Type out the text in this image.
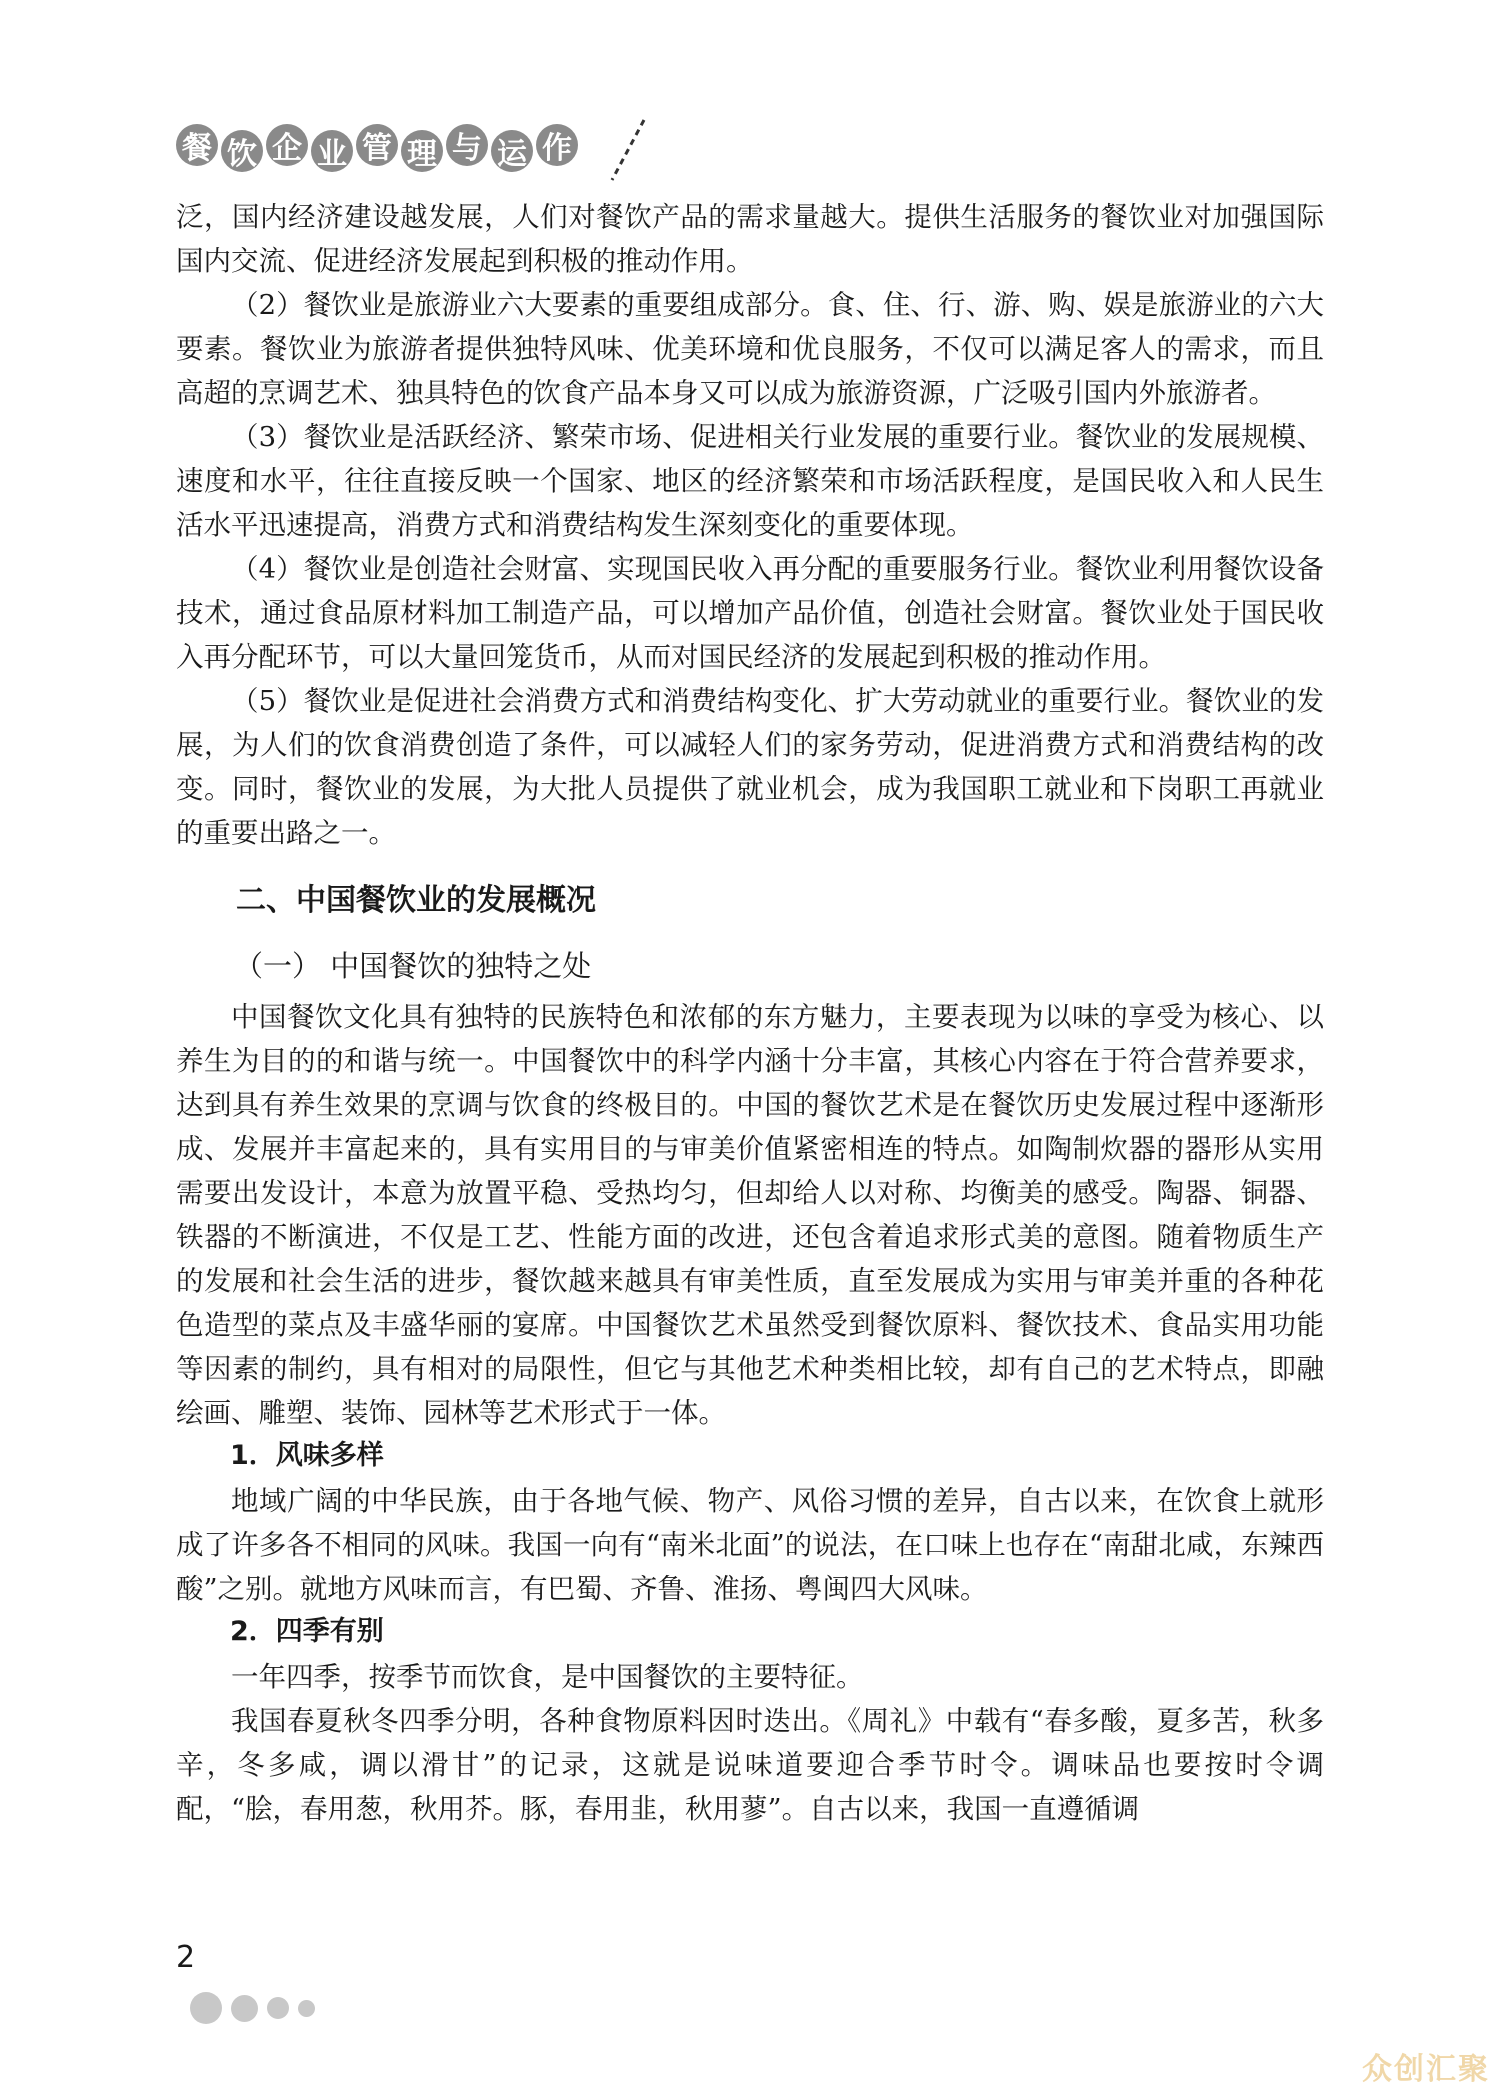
餐 饮 企 业 管 理 与 运 作

泛，国内经济建设越发展，人们对餐饮产品的需求量越大。提供生活服务的餐饮业对加强国际国内交流、促进经济发展起到积极的推动作用。

（2）餐饮业是旅游业六大要素的重要组成部分。食、住、行、游、购、娱是旅游业的六大要素。餐饮业为旅游者提供独特风味、优美环境和优良服务，不仅可以满足客人的需求，而且高超的烹调艺术、独具特色的饮食产品本身又可以成为旅游资源，广泛吸引国内外旅游者。

（3）餐饮业是活跃经济、繁荣市场、促进相关行业发展的重要行业。餐饮业的发展规模、速度和水平，往往直接反映一个国家、地区的经济繁荣和市场活跃程度，是国民收入和人民生活水平迅速提高，消费方式和消费结构发生深刻变化的重要体现。

（4）餐饮业是创造社会财富、实现国民收入再分配的重要服务行业。餐饮业利用餐饮设备技术，通过食品原材料加工制造产品，可以增加产品价值，创造社会财富。餐饮业处于国民收入再分配环节，可以大量回笼货币，从而对国民经济的发展起到积极的推动作用。

（5）餐饮业是促进社会消费方式和消费结构变化、扩大劳动就业的重要行业。餐饮业的发展，为人们的饮食消费创造了条件，可以减轻人们的家务劳动，促进消费方式和消费结构的改变。同时，餐饮业的发展，为大批人员提供了就业机会，成为我国职工就业和下岗职工再就业的重要出路之一。

二、中国餐饮业的发展概况
（一） 中国餐饮的独特之处

中国餐饮文化具有独特的民族特色和浓郁的东方魅力，主要表现为以味的享受为核心、以养生为目的的和谐与统一。中国餐饮中的科学内涵十分丰富，其核心内容在于符合营养要求，达到具有养生效果的烹调与饮食的终极目的。中国的餐饮艺术是在餐饮历史发展过程中逐渐形成、发展并丰富起来的，具有实用目的与审美价值紧密相连的特点。如陶制炊器的器形从实用需要出发设计，本意为放置平稳、受热均匀，但却给人以对称、均衡美的感受。陶器、铜器、铁器的不断演进，不仅是工艺、性能方面的改进，还包含着追求形式美的意图。随着物质生产的发展和社会生活的进步，餐饮越来越具有审美性质，直至发展成为实用与审美并重的各种花色造型的菜点及丰盛华丽的宴席。中国餐饮艺术虽然受到餐饮原料、餐饮技术、食品实用功能等因素的制约，具有相对的局限性，但它与其他艺术种类相比较，却有自己的艺术特点，即融绘画、雕塑、装饰、园林等艺术形式于一体。

1．风味多样

地域广阔的中华民族，由于各地气候、物产、风俗习惯的差异，自古以来，在饮食上就形成了许多各不相同的风味。我国一向有“南米北面”的说法，在口味上也存在“南甜北咸，东辣西酸”之别。就地方风味而言，有巴蜀、齐鲁、淮扬、粤闽四大风味。

2．四季有别

一年四季，按季节而饮食，是中国餐饮的主要特征。

我国春夏秋冬四季分明，各种食物原料因时迭出。《周礼》中载有“春多酸，夏多苦，秋多辛，冬多咸，调以滑甘”的记录，这就是说味道要迎合季节时令。调味品也要按时令调配，“脍，春用葱，秋用芥。豚，春用韭，秋用蓼”。自古以来，我国一直遵循调

2
众创汇聚
